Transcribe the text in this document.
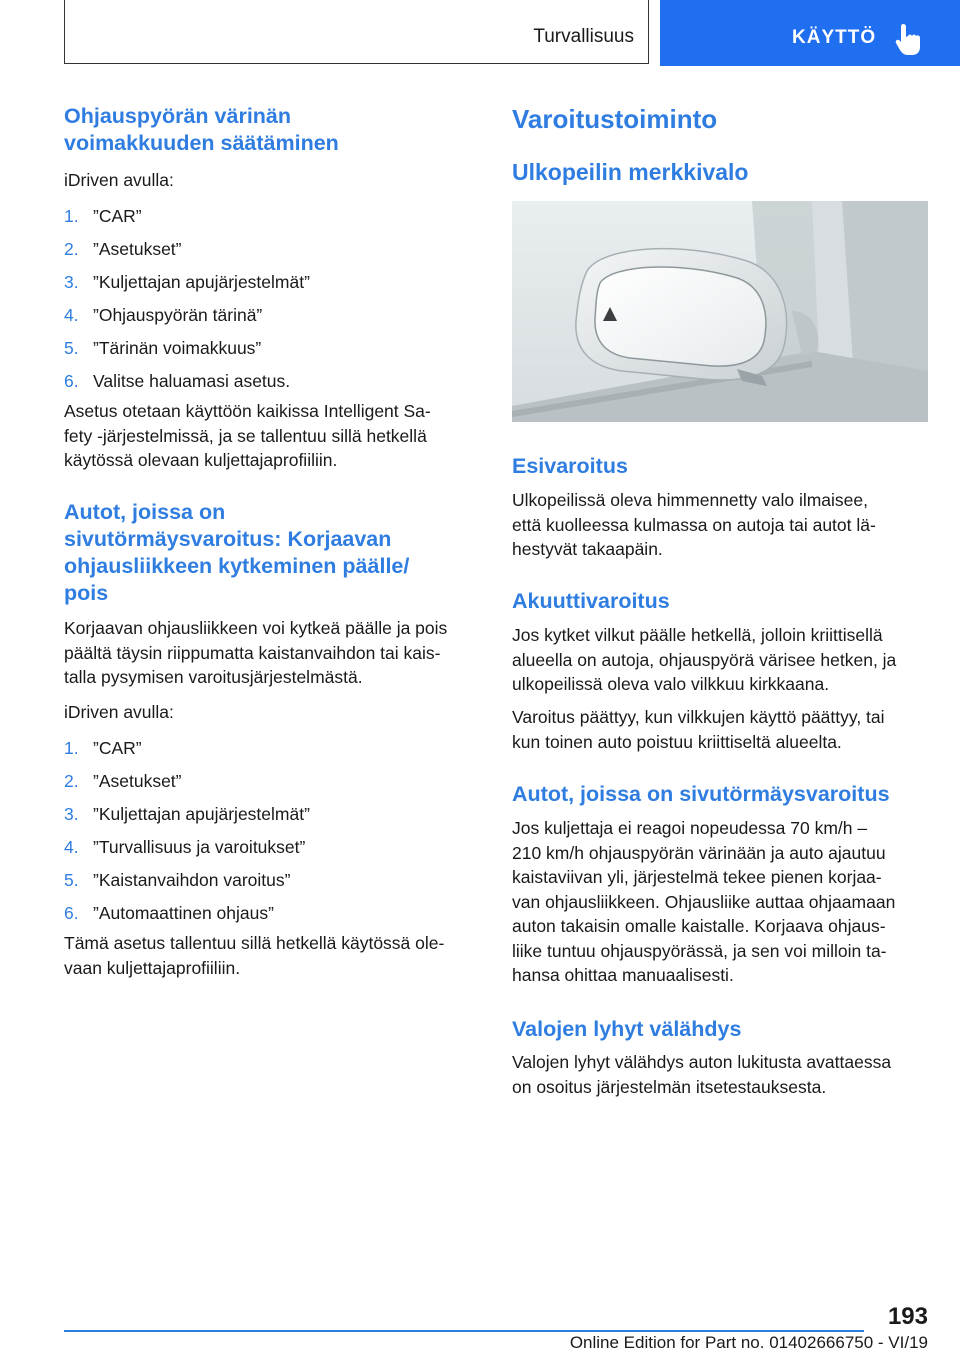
Turvallisuus	KÄYTTÖ
Ohjauspyörän värinän
voimakkuuden säätäminen

iDriven avulla:

1. ”CAR”
2. ”Asetukset”
3. ”Kuljettajan apujärjestelmät”
4. ”Ohjauspyörän tärinä”
5. ”Tärinän voimakkuus”
6. Valitse haluamasi asetus.

Asetus otetaan käyttöön kaikissa Intelligent Sa-
fety ‑järjestelmissä, ja se tallentuu sillä hetkellä
käytössä olevaan kuljettajaprofiiliin.

Autot, joissa on
sivutörmäysvaroitus: Korjaavan
ohjausliikkeen kytkeminen päälle/
pois

Korjaavan ohjausliikkeen voi kytkeä päälle ja pois
päältä täysin riippumatta kaistanvaihdon tai kais-
talla pysymisen varoitusjärjestelmästä.

iDriven avulla:

1. ”CAR”
2. ”Asetukset”
3. ”Kuljettajan apujärjestelmät”
4. ”Turvallisuus ja varoitukset”
5. ”Kaistanvaihdon varoitus”
6. ”Automaattinen ohjaus”

Tämä asetus tallentuu sillä hetkellä käytössä ole-
vaan kuljettajaprofiiliin.

Varoitustoiminto
Ulkopeilin merkkivalo
Esivaroitus

Ulkopeilissä oleva himmennetty valo ilmaisee,
että kuolleessa kulmassa on autoja tai autot lä-
hestyvät takaapäin.

Akuuttivaroitus

Jos kytket vilkut päälle hetkellä, jolloin kriittisellä
alueella on autoja, ohjauspyörä värisee hetken, ja
ulkopeilissä oleva valo vilkkuu kirkkaana.

Varoitus päättyy, kun vilkkujen käyttö päättyy, tai
kun toinen auto poistuu kriittiseltä alueelta.

Autot, joissa on sivutörmäysvaroitus

Jos kuljettaja ei reagoi nopeudessa 70 km/h –
210 km/h ohjauspyörän värinään ja auto ajautuu
kaistaviivan yli, järjestelmä tekee pienen korjaa-
van ohjausliikkeen. Ohjausliike auttaa ohjaamaan
auton takaisin omalle kaistalle. Korjaava ohjaus-
liike tuntuu ohjauspyörässä, ja sen voi milloin ta-
hansa ohittaa manuaalisesti.

Valojen lyhyt välähdys

Valojen lyhyt välähdys auton lukitusta avattaessa
on osoitus järjestelmän itsetestauksesta.

193
Online Edition for Part no. 01402666750 - VI/19
